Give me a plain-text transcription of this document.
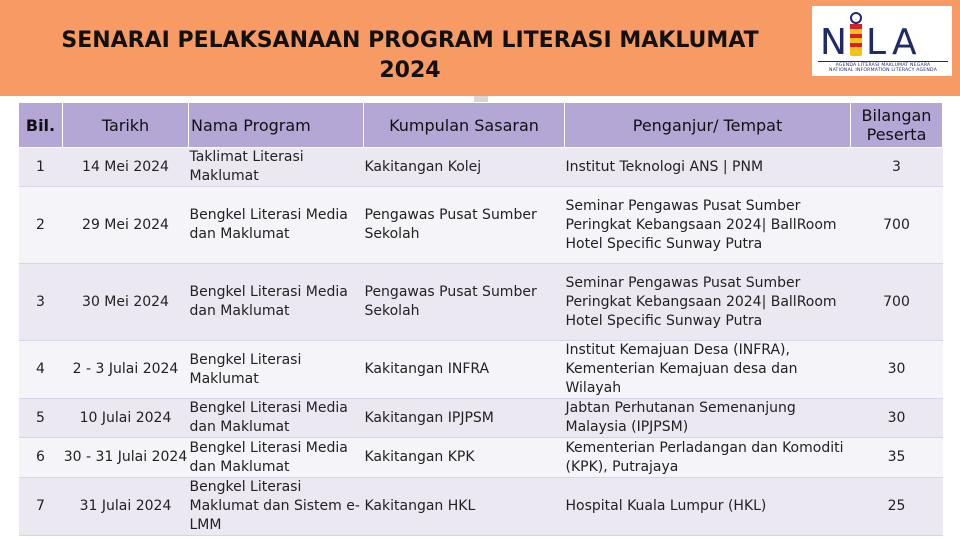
SENARAI PELAKSANAAN PROGRAM LITERASI MAKLUMAT
2024
N L A
AGENDA LITERASI MAKLUMAT NEGARA
NATIONAL INFORMATION LITERACY AGENDA
Bil.	Tarikh	Nama Program	Kumpulan Sasaran	Penganjur/ Tempat	Bilangan Peserta
1	14 Mei 2024	Taklimat Literasi Maklumat	Kakitangan Kolej	Institut Teknologi ANS | PNM	3
2	29 Mei 2024	Bengkel Literasi Media dan Maklumat	Pengawas Pusat Sumber Sekolah	Seminar Pengawas Pusat Sumber Peringkat Kebangsaan 2024| BallRoom Hotel Specific Sunway Putra	700
3	30 Mei 2024	Bengkel Literasi Media dan Maklumat	Pengawas Pusat Sumber Sekolah	Seminar Pengawas Pusat Sumber Peringkat Kebangsaan 2024| BallRoom Hotel Specific Sunway Putra	700
4	2 - 3 Julai 2024	Bengkel Literasi Maklumat	Kakitangan INFRA	Institut Kemajuan Desa (INFRA), Kementerian Kemajuan desa dan Wilayah	30
5	10 Julai 2024	Bengkel Literasi Media dan Maklumat	Kakitangan IPJPSM	Jabtan Perhutanan Semenanjung Malaysia (IPJPSM)	30
6	30 - 31 Julai 2024	Bengkel Literasi Media dan Maklumat	Kakitangan KPK	Kementerian Perladangan dan Komoditi (KPK), Putrajaya	35
7	31 Julai 2024	Bengkel Literasi Maklumat dan Sistem e-LMM	Kakitangan HKL	Hospital Kuala Lumpur (HKL)	25
